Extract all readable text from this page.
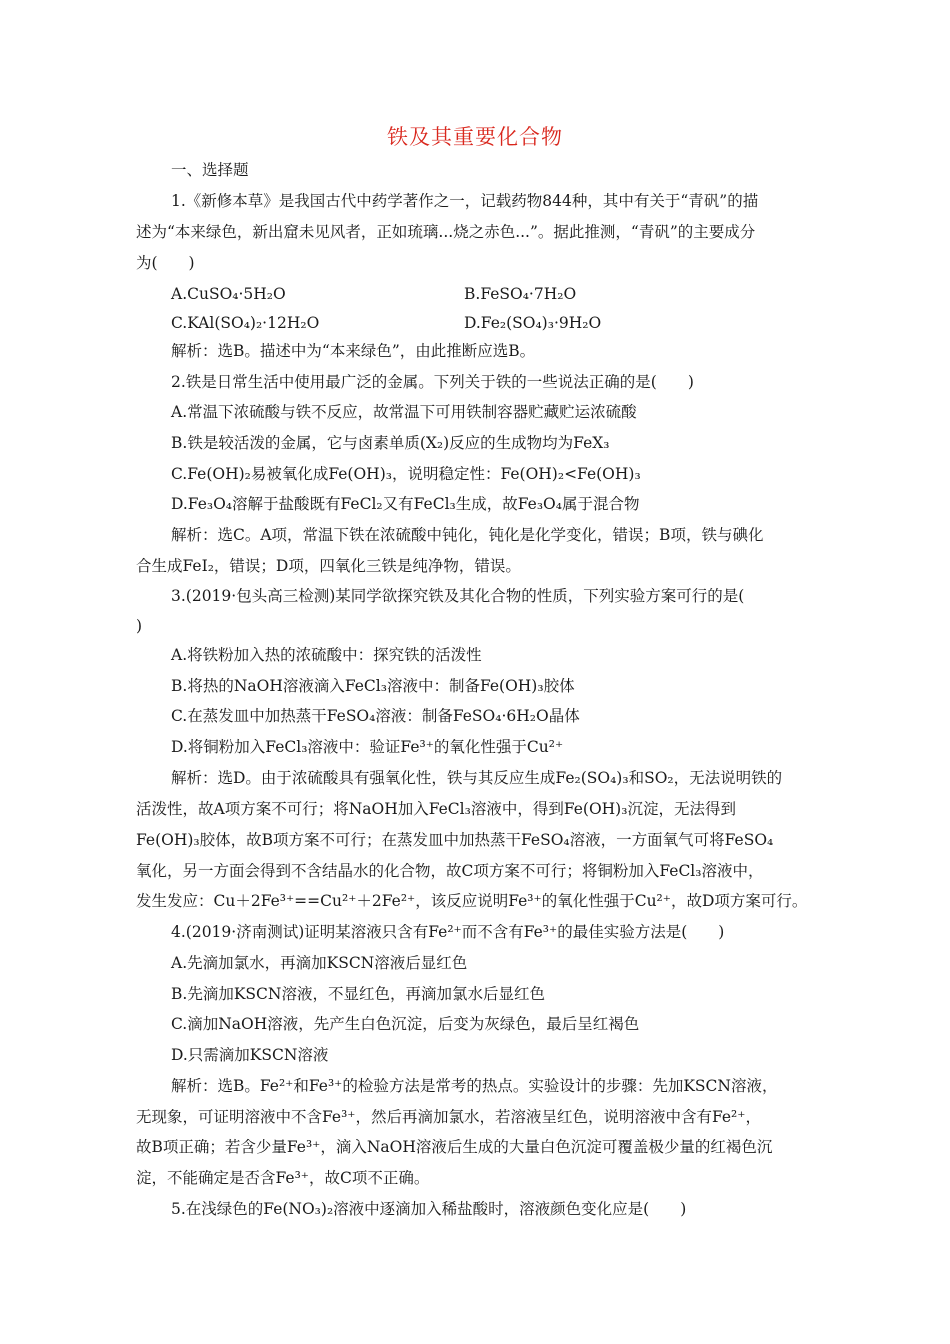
铁及其重要化合物
一、选择题
1.《新修本草》是我国古代中药学著作之一，记载药物844种，其中有关于“青矾”的描
述为“本来绿色，新出窟未见风者，正如琉璃...烧之赤色...”。据此推测，“青矾”的主要成分
为(　　)
A.CuSO₄·5H₂O	B.FeSO₄·7H₂O
C.KAl(SO₄)₂·12H₂O	D.Fe₂(SO₄)₃·9H₂O
解析：选B。描述中为“本来绿色”，由此推断应选B。
2.铁是日常生活中使用最广泛的金属。下列关于铁的一些说法正确的是(　　)
A.常温下浓硫酸与铁不反应，故常温下可用铁制容器贮藏贮运浓硫酸
B.铁是较活泼的金属，它与卤素单质(X₂)反应的生成物均为FeX₃
C.Fe(OH)₂易被氧化成Fe(OH)₃，说明稳定性：Fe(OH)₂<Fe(OH)₃
D.Fe₃O₄溶解于盐酸既有FeCl₂又有FeCl₃生成，故Fe₃O₄属于混合物
解析：选C。A项，常温下铁在浓硫酸中钝化，钝化是化学变化，错误；B项，铁与碘化
合生成FeI₂，错误；D项，四氧化三铁是纯净物，错误。
3.(2019·包头高三检测)某同学欲探究铁及其化合物的性质，下列实验方案可行的是(
)
A.将铁粉加入热的浓硫酸中：探究铁的活泼性
B.将热的NaOH溶液滴入FeCl₃溶液中：制备Fe(OH)₃胶体
C.在蒸发皿中加热蒸干FeSO₄溶液：制备FeSO₄·6H₂O晶体
D.将铜粉加入FeCl₃溶液中：验证Fe³⁺的氧化性强于Cu²⁺
解析：选D。由于浓硫酸具有强氧化性，铁与其反应生成Fe₂(SO₄)₃和SO₂，无法说明铁的
活泼性，故A项方案不可行；将NaOH加入FeCl₃溶液中，得到Fe(OH)₃沉淀，无法得到
Fe(OH)₃胶体，故B项方案不可行；在蒸发皿中加热蒸干FeSO₄溶液，一方面氧气可将FeSO₄
氧化，另一方面会得到不含结晶水的化合物，故C项方案不可行；将铜粉加入FeCl₃溶液中，
发生发应：Cu＋2Fe³⁺==Cu²⁺＋2Fe²⁺，该反应说明Fe³⁺的氧化性强于Cu²⁺，故D项方案可行。
4.(2019·济南测试)证明某溶液只含有Fe²⁺而不含有Fe³⁺的最佳实验方法是(　　)
A.先滴加氯水，再滴加KSCN溶液后显红色
B.先滴加KSCN溶液，不显红色，再滴加氯水后显红色
C.滴加NaOH溶液，先产生白色沉淀，后变为灰绿色，最后呈红褐色
D.只需滴加KSCN溶液
解析：选B。Fe²⁺和Fe³⁺的检验方法是常考的热点。实验设计的步骤：先加KSCN溶液，
无现象，可证明溶液中不含Fe³⁺，然后再滴加氯水，若溶液呈红色，说明溶液中含有Fe²⁺，
故B项正确；若含少量Fe³⁺，滴入NaOH溶液后生成的大量白色沉淀可覆盖极少量的红褐色沉
淀，不能确定是否含Fe³⁺，故C项不正确。
5.在浅绿色的Fe(NO₃)₂溶液中逐滴加入稀盐酸时，溶液颜色变化应是(　　)
